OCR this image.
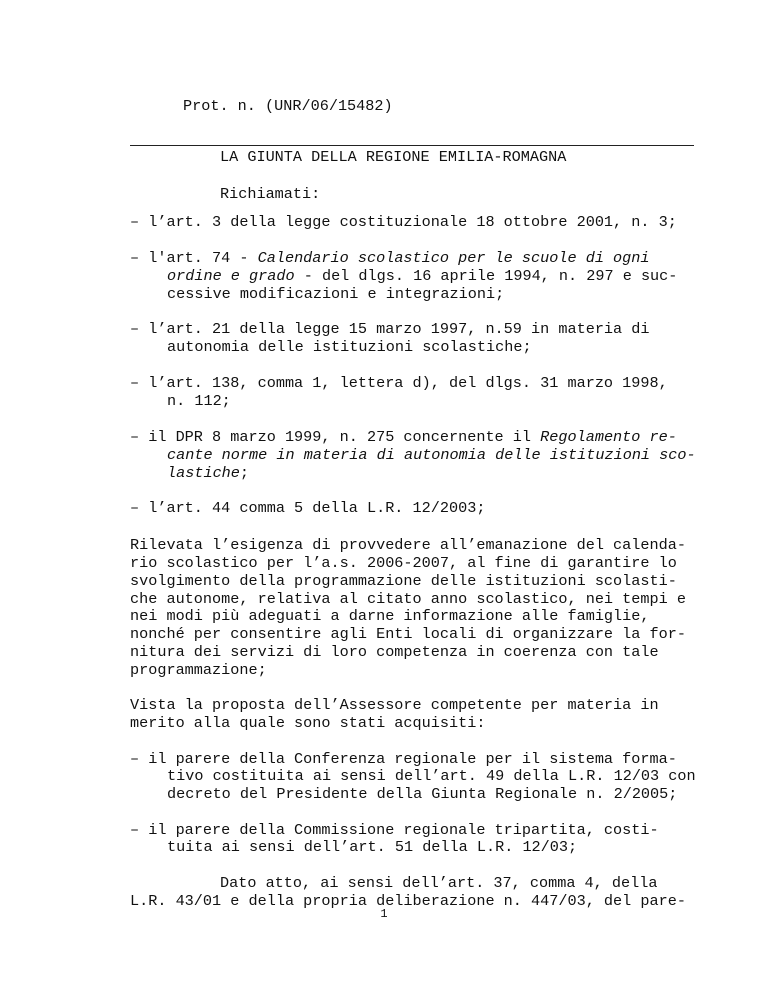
Prot. n. (UNR/06/15482)
LA GIUNTA DELLA REGIONE EMILIA-ROMAGNA
Richiamati:
– l’art. 3 della legge costituzionale 18 ottobre 2001, n. 3;
– l'art. 74 - Calendario scolastico per le scuole di ogni
ordine e grado - del dlgs. 16 aprile 1994, n. 297 e suc-
cessive modificazioni e integrazioni;
– l’art. 21 della legge 15 marzo 1997, n.59 in materia di
autonomia delle istituzioni scolastiche;
– l’art. 138, comma 1, lettera d), del dlgs. 31 marzo 1998,
n. 112;
– il DPR 8 marzo 1999, n. 275 concernente il Regolamento re-
cante norme in materia di autonomia delle istituzioni sco-
lastiche;
– l’art. 44 comma 5 della L.R. 12/2003;
Rilevata l’esigenza di provvedere all’emanazione del calenda-
rio scolastico per l’a.s. 2006-2007, al fine di garantire lo
svolgimento della programmazione delle istituzioni scolasti-
che autonome, relativa al citato anno scolastico, nei tempi e
nei modi più adeguati a darne informazione alle famiglie,
nonché per consentire agli Enti locali di organizzare la for-
nitura dei servizi di loro competenza in coerenza con tale
programmazione;
Vista la proposta dell’Assessore competente per materia in
merito alla quale sono stati acquisiti:
– il parere della Conferenza regionale per il sistema forma-
tivo costituita ai sensi dell’art. 49 della L.R. 12/03 con
decreto del Presidente della Giunta Regionale n. 2/2005;
– il parere della Commissione regionale tripartita, costi-
tuita ai sensi dell’art. 51 della L.R. 12/03;
Dato atto, ai sensi dell’art. 37, comma 4, della
L.R. 43/01 e della propria deliberazione n. 447/03, del pare-
1
